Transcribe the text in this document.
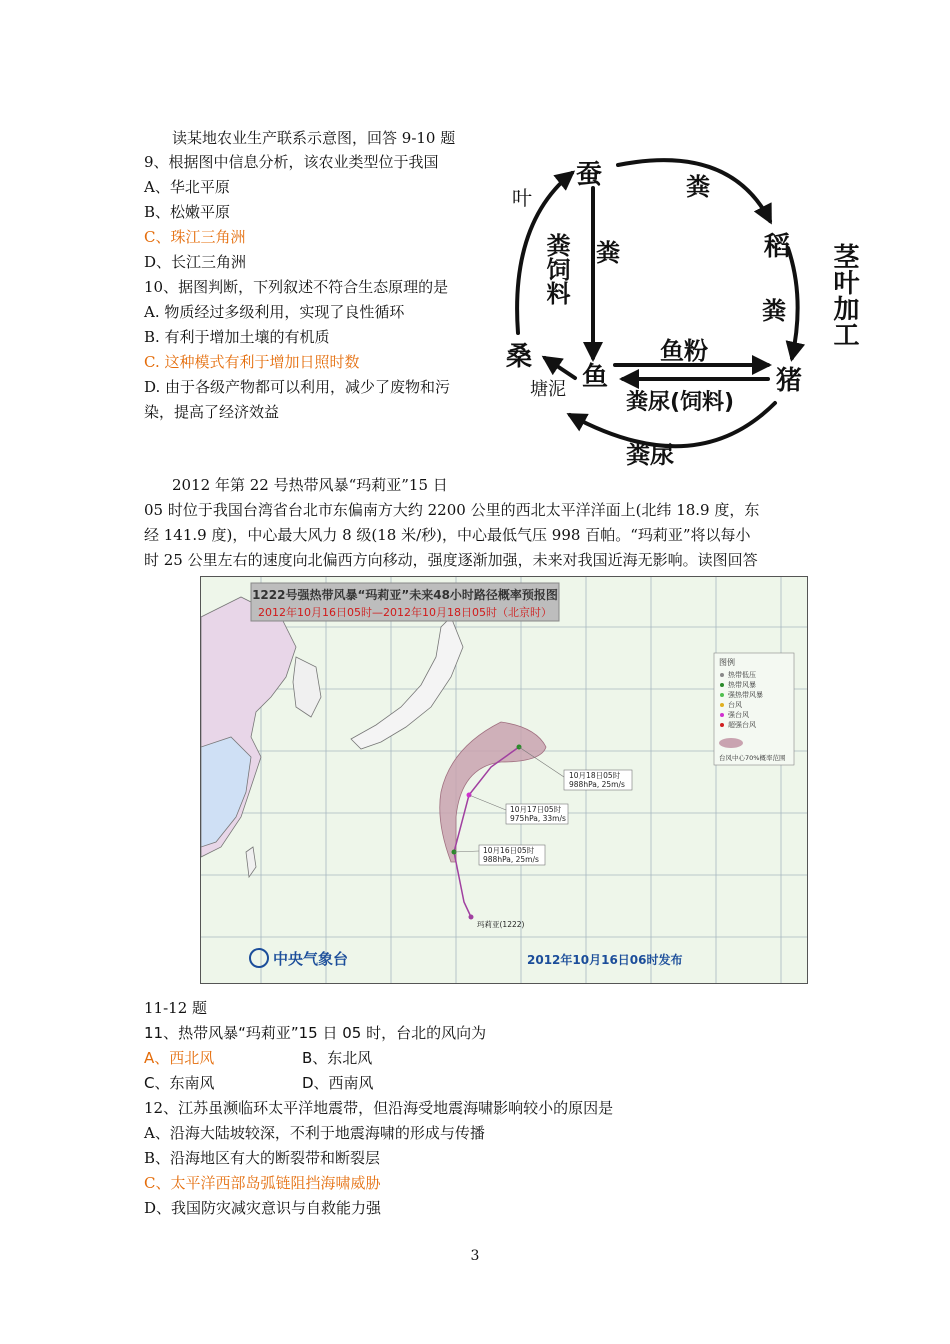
读某地农业生产联系示意图，回答 9-10 题
9、根据图中信息分析，该农业类型位于我国
A、华北平原
B、松嫩平原
C、珠江三角洲
D、长江三角洲
10、据图判断，下列叙述不符合生态原理的是
A. 物质经过多级利用，实现了良性循环
B. 有利于增加土壤的有机质
C. 这种模式有利于增加日照时数
D. 由于各级产物都可以利用，减少了废物和污
染，提高了经济效益
蚕
稻
桑
鱼	猪
粪
粪
粪
鱼粉
粪尿
粪尿(饲料)
粪饲料	茎叶加工
叶
塘泥
2012 年第 22 号热带风暴“玛莉亚”15 日
05 时位于我国台湾省台北市东偏南方大约 2200 公里的西北太平洋洋面上(北纬 18.9 度，东
经 141.9 度)，中心最大风力 8 级(18 米/秒)，中心最低气压 998 百帕。“玛莉亚”将以每小
时 25 公里左右的速度向北偏西方向移动，强度逐渐加强，未来对我国近海无影响。读图回答
1222号强热带风暴“玛莉亚”未来48小时路径概率预报图
2012年10月16日05时—2012年10月18日05时（北京时）
10月18日05时
988hPa, 25m/s
10月17日05时
975hPa, 33m/s
10月16日05时
988hPa, 25m/s
玛莉亚(1222)
图例
热带低压
热带风暴
强热带风暴
台风
强台风
超强台风
台风中心70%概率范围
中央气象台	2012年10月16日06时发布
11-12 题
11、热带风暴“玛莉亚”15 日 05 时，台北的风向为
A、西北风	B、东北风
C、东南风	D、西南风
12、江苏虽濒临环太平洋地震带，但沿海受地震海啸影响较小的原因是
A、沿海大陆坡较深，不利于地震海啸的形成与传播
B、沿海地区有大的断裂带和断裂层
C、太平洋西部岛弧链阻挡海啸威胁
D、我国防灾减灾意识与自救能力强
3
